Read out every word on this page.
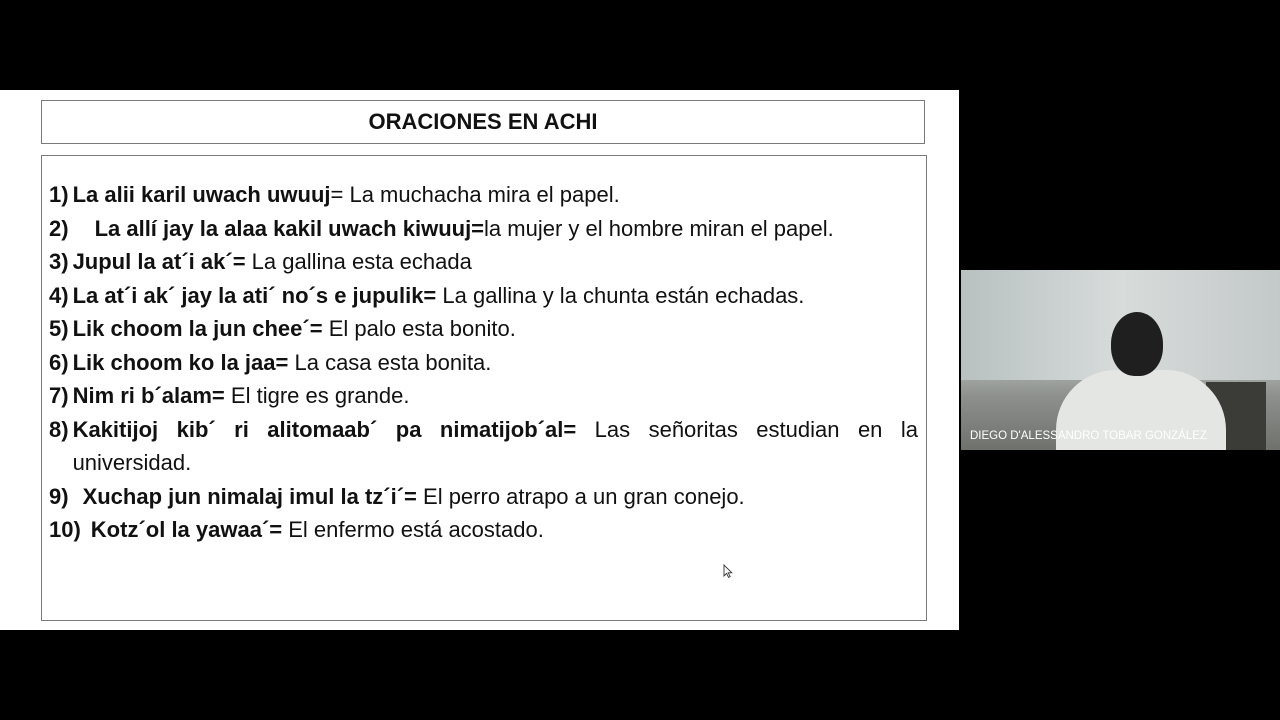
ORACIONES EN ACHI
1) La alii karil uwach uwuuj= La muchacha mira el papel.
2)	La allí jay la alaa kakil uwach kiwuuj=la mujer y el hombre miran el papel.
3) Jupul la at´i ak´= La gallina esta echada
4) La at´i ak´ jay la ati´ no´s e jupulik= La gallina y la chunta están echadas.
5) Lik choom la jun chee´= El palo esta bonito.
6) Lik choom ko la jaa= La casa esta bonita.
7) Nim ri b´alam= El tigre es grande.
8) Kakitijoj kib´ ri alitomaab´ pa nimatijob´al= Las señoritas estudian en la universidad.
9) Xuchap jun nimalaj imul la tz´i´= El perro atrapo a un gran conejo.
10) Kotz´ol la yawaa´= El enfermo está acostado.
DIEGO D'ALESSANDRO TOBAR GONZÁLEZ
